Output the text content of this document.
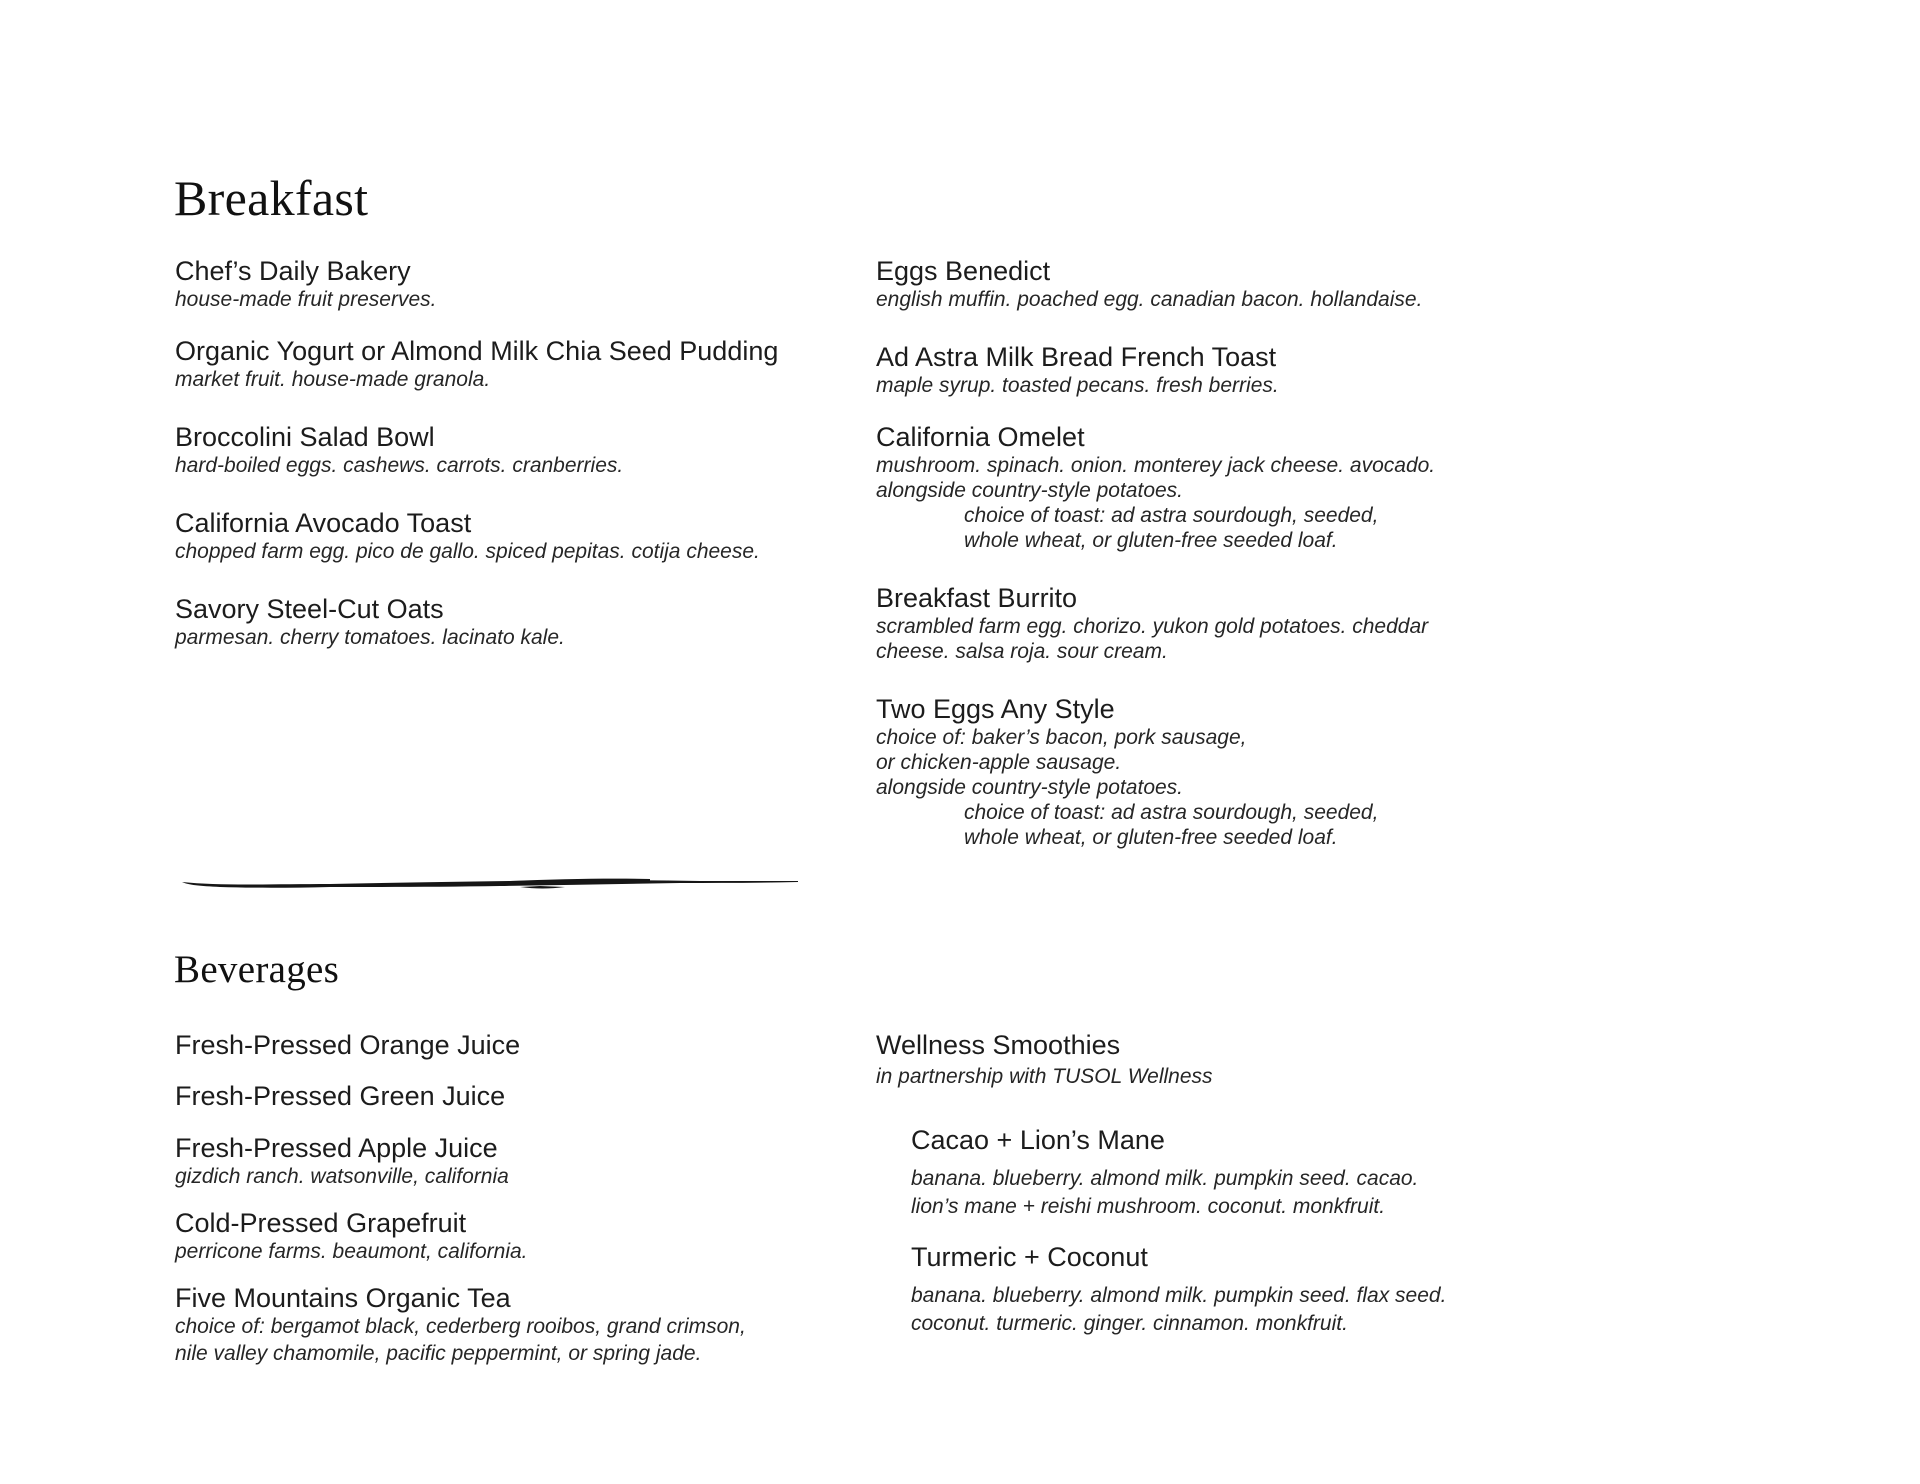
Breakfast
Chef’s Daily Bakery
house-made fruit preserves.
Organic Yogurt or Almond Milk Chia Seed Pudding
market fruit. house-made granola.
Broccolini Salad Bowl
hard-boiled eggs. cashews. carrots. cranberries.
California Avocado Toast
chopped farm egg. pico de gallo. spiced pepitas. cotija cheese.
Savory Steel-Cut Oats
parmesan. cherry tomatoes. lacinato kale.
Eggs Benedict
english muffin. poached egg. canadian bacon. hollandaise.
Ad Astra Milk Bread French Toast
maple syrup. toasted pecans. fresh berries.
California Omelet
mushroom. spinach. onion. monterey jack cheese. avocado.
alongside country-style potatoes.
choice of toast: ad astra sourdough, seeded,
whole wheat, or gluten-free seeded loaf.
Breakfast Burrito
scrambled farm egg. chorizo. yukon gold potatoes. cheddar
cheese. salsa roja. sour cream.
Two Eggs Any Style
choice of: baker’s bacon, pork sausage,
or chicken-apple sausage.
alongside country-style potatoes.
choice of toast: ad astra sourdough, seeded,
whole wheat, or gluten-free seeded loaf.
Beverages
Fresh-Pressed Orange Juice
Fresh-Pressed Green Juice
Fresh-Pressed Apple Juice
gizdich ranch. watsonville, california
Cold-Pressed Grapefruit
perricone farms. beaumont, california.
Five Mountains Organic Tea
choice of: bergamot black, cederberg rooibos, grand crimson,
nile valley chamomile, pacific peppermint, or spring jade.
Wellness Smoothies
in partnership with TUSOL Wellness
Cacao + Lion’s Mane
banana. blueberry. almond milk. pumpkin seed. cacao.
lion’s mane + reishi mushroom. coconut. monkfruit.
Turmeric + Coconut
banana. blueberry. almond milk. pumpkin seed. flax seed.
coconut. turmeric. ginger. cinnamon. monkfruit.
